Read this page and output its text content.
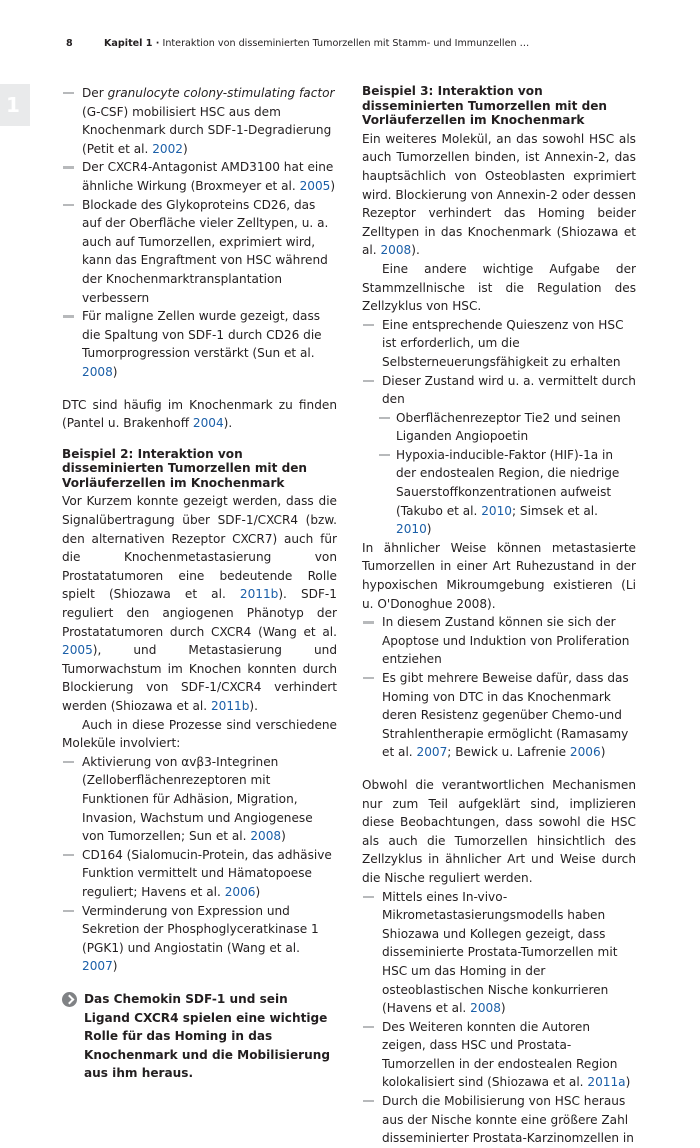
8	Kapitel 1 · Interaktion von disseminierten Tumorzellen mit Stamm- und Immunzellen …
1	Der granulocyte colony-stimulating factor (G-CSF) mobilisiert HSC aus dem Knochenmark durch SDF-1-Degradierung (Petit et al. 2002)
Der CXCR4-Antagonist AMD3100 hat eine ähnliche Wirkung (Broxmeyer et al. 2005)
Blockade des Glykoproteins CD26, das auf der Oberfläche vieler Zelltypen, u. a. auch auf Tumorzellen, exprimiert wird, kann das Engraftment von HSC während der Knochenmarktransplantation verbessern
Für maligne Zellen wurde gezeigt, dass die Spaltung von SDF-1 durch CD26 die Tumorprogression verstärkt (Sun et al. 2008)

DTC sind häufig im Knochenmark zu finden (Pantel u. Brakenhoff 2004).

Beispiel 2: Interaktion von disseminierten Tumorzellen mit den Vorläuferzellen im Knochenmark

Vor Kurzem konnte gezeigt werden, dass die Signalübertragung über SDF-1/CXCR4 (bzw. den alternativen Rezeptor CXCR7) auch für die Knochenmetastasierung von Prostatatumoren eine bedeutende Rolle spielt (Shiozawa et al. 2011b). SDF-1 reguliert den angiogenen Phänotyp der Prostatatumoren durch CXCR4 (Wang et al. 2005), und Metastasierung und Tumorwachstum im Knochen konnten durch Blockierung von SDF-1/CXCR4 verhindert werden (Shiozawa et al. 2011b).

Auch in diese Prozesse sind verschiedene Moleküle involviert:

Aktivierung von αvβ3-Integrinen (Zelloberflächenrezeptoren mit Funktionen für Adhäsion, Migration, Invasion, Wachstum und Angiogenese von Tumorzellen; Sun et al. 2008)
CD164 (Sialomucin-Protein, das adhäsive Funktion vermittelt und Hämatopoese reguliert; Havens et al. 2006)
Verminderung von Expression und Sekretion der Phosphoglyceratkinase 1 (PGK1) und Angiostatin (Wang et al. 2007)

Das Chemokin SDF-1 und sein Ligand CXCR4 spielen eine wichtige Rolle für das Homing in das Knochenmark und die Mobilisierung aus ihm heraus.

Beispiel 3: Interaktion von disseminierten Tumorzellen mit den Vorläuferzellen im Knochenmark

Ein weiteres Molekül, an das sowohl HSC als auch Tumorzellen binden, ist Annexin-2, das hauptsächlich von Osteoblasten exprimiert wird. Blockierung von Annexin-2 oder dessen Rezeptor verhindert das Homing beider Zelltypen in das Knochenmark (Shiozawa et al. 2008).

Eine andere wichtige Aufgabe der Stammzellnische ist die Regulation des Zellzyklus von HSC.

Eine entsprechende Quieszenz von HSC ist erforderlich, um die Selbsterneuerungsfähigkeit zu erhalten
Dieser Zustand wird u. a. vermittelt durch den
Oberflächenrezeptor Tie2 und seinen Liganden Angiopoetin
Hypoxia-inducible-Faktor (HIF)-1a in der endostealen Region, die niedrige Sauerstoffkonzentrationen aufweist (Takubo et al. 2010; Simsek et al. 2010)

In ähnlicher Weise können metastasierte Tumorzellen in einer Art Ruhezustand in der hypoxischen Mikroumgebung existieren (Li u. O'Donoghue 2008).

In diesem Zustand können sie sich der Apoptose und Induktion von Proliferation entziehen
Es gibt mehrere Beweise dafür, dass das Homing von DTC in das Knochenmark deren Resistenz gegenüber Chemo-und Strahlentherapie ermöglicht (Ramasamy et al. 2007; Bewick u. Lafrenie 2006)

Obwohl die verantwortlichen Mechanismen nur zum Teil aufgeklärt sind, implizieren diese Beobachtungen, dass sowohl die HSC als auch die Tumorzellen hinsichtlich des Zellzyklus in ähnlicher Art und Weise durch die Nische reguliert werden.

Mittels eines In-vivo-Mikrometastasierungsmodells haben Shiozawa und Kollegen gezeigt, dass disseminierte Prostata-Tumorzellen mit HSC um das Homing in der osteoblastischen Nische konkurrieren (Havens et al. 2008)
Des Weiteren konnten die Autoren zeigen, dass HSC und Prostata-Tumorzellen in der endostealen Region kolokalisiert sind (Shiozawa et al. 2011a)
Durch die Mobilisierung von HSC heraus aus der Nische konnte eine größere Zahl disseminierter Prostata-Karzinomzellen in
